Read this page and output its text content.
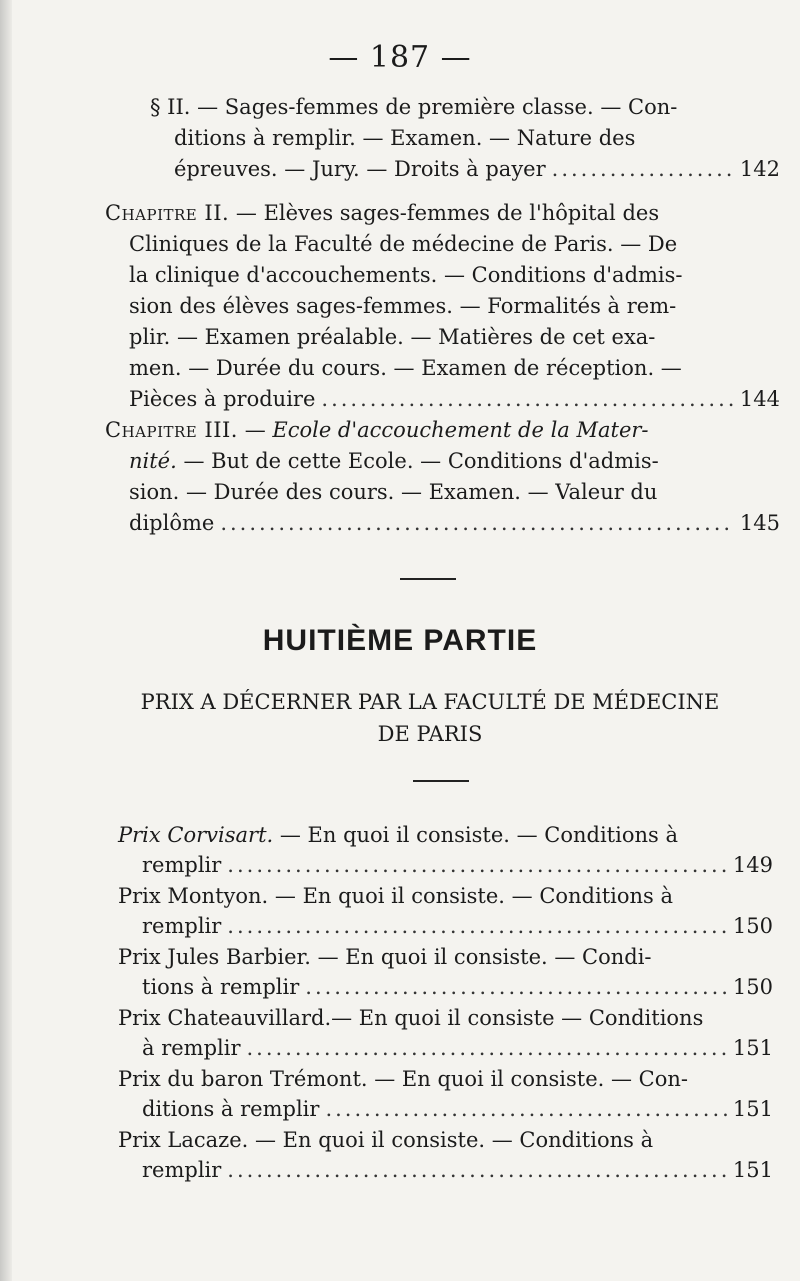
— 187 —
§ II. — Sages-femmes de première classe. — Con-
ditions à remplir. — Examen. — Nature des
épreuves. — Jury. — Droits à payer .....	142
Chapitre II. — Elèves sages-femmes de l'hôpital des
Cliniques de la Faculté de médecine de Paris. — De
la clinique d'accouchements. — Conditions d'admis-
sion des élèves sages-femmes. — Formalités à rem-
plir. — Examen préalable. — Matières de cet exa-
men. — Durée du cours. — Examen de réception. —
Pièces à produire .....	144
Chapitre III. — Ecole d'accouchement de la Mater-
nité. — But de cette Ecole. — Conditions d'admis-
sion. — Durée des cours. — Examen. — Valeur du
diplôme .....	145
HUITIÈME PARTIE
PRIX A DÉCERNER PAR LA FACULTÉ DE MÉDECINE
DE PARIS
Prix Corvisart. — En quoi il consiste. — Conditions à
remplir .....	149
Prix Montyon. — En quoi il consiste. — Conditions à
remplir .....	150
Prix Jules Barbier. — En quoi il consiste. — Condi-
tions à remplir .....	150
Prix Chateauvillard.— En quoi il consiste — Conditions
à remplir .....	151
Prix du baron Trémont. — En quoi il consiste. — Con-
ditions à remplir .....	151
Prix Lacaze. — En quoi il consiste. — Conditions à
remplir .....	151
